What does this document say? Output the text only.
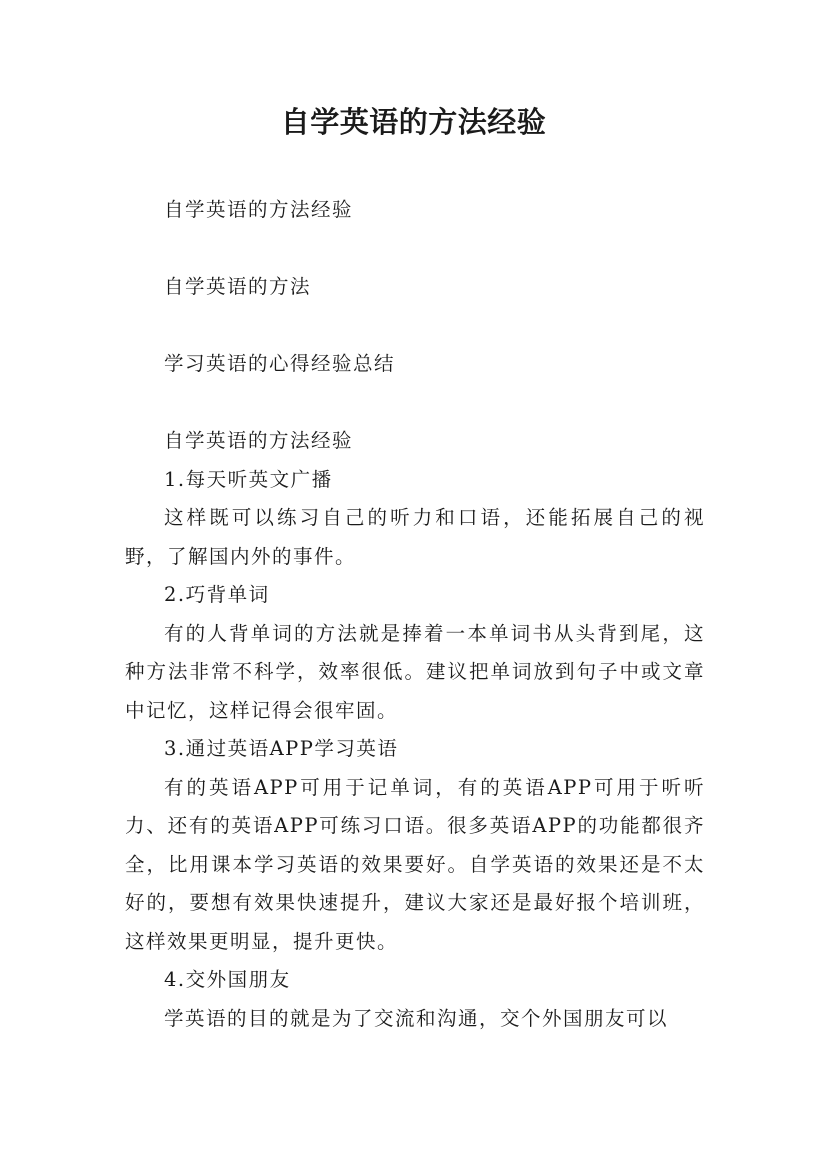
自学英语的方法经验

自学英语的方法经验

自学英语的方法

学习英语的心得经验总结

自学英语的方法经验

1.每天听英文广播

这样既可以练习自己的听力和口语，还能拓展自己的视野，了解国内外的事件。

2.巧背单词

有的人背单词的方法就是捧着一本单词书从头背到尾，这种方法非常不科学，效率很低。建议把单词放到句子中或文章中记忆，这样记得会很牢固。

3.通过英语APP学习英语

有的英语APP可用于记单词，有的英语APP可用于听听力、还有的英语APP可练习口语。很多英语APP的功能都很齐全，比用课本学习英语的效果要好。自学英语的效果还是不太好的，要想有效果快速提升，建议大家还是最好报个培训班，这样效果更明显，提升更快。

4.交外国朋友

学英语的目的就是为了交流和沟通，交个外国朋友可以
